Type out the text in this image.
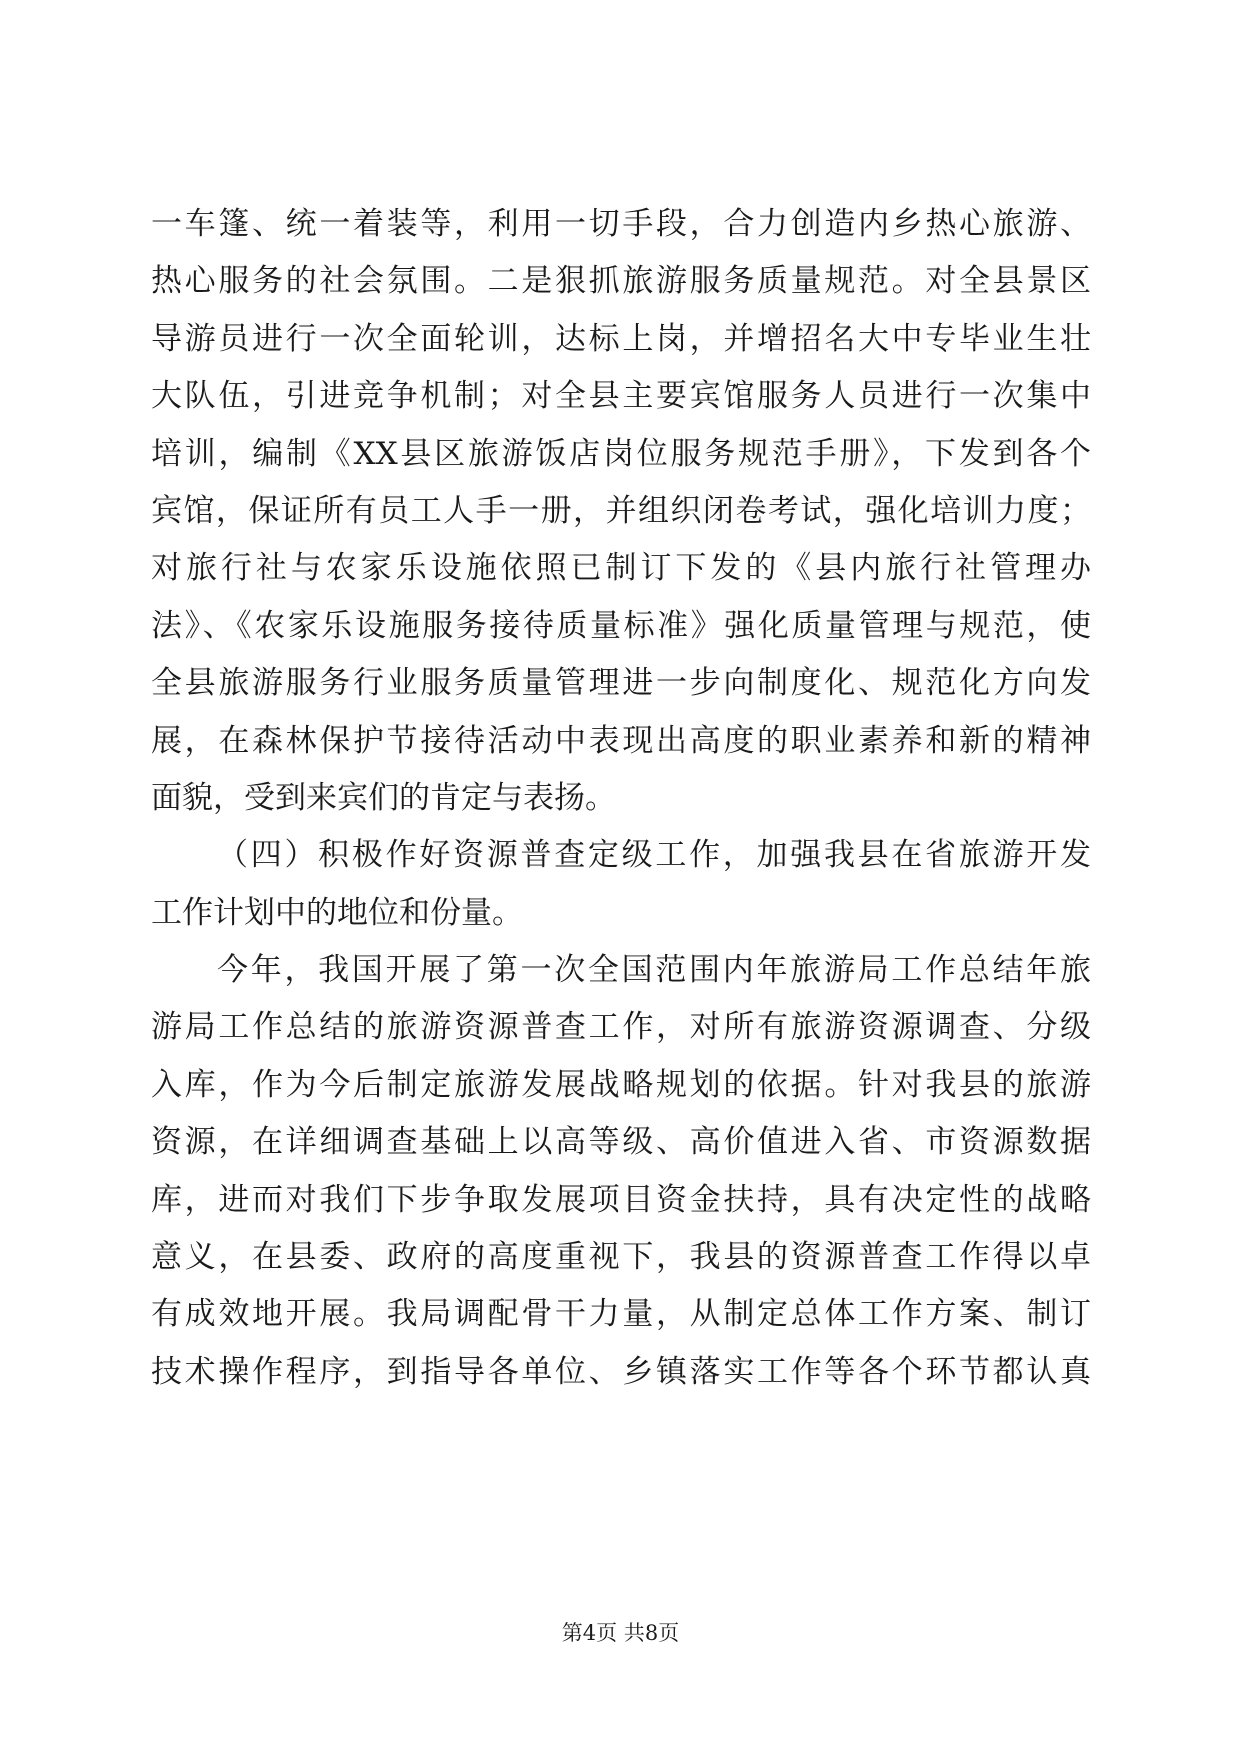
一车篷、统一着装等，利用一切手段，合力创造内乡热心旅游、
热心服务的社会氛围。二是狠抓旅游服务质量规范。对全县景区
导游员进行一次全面轮训，达标上岗，并增招名大中专毕业生壮
大队伍，引进竞争机制；对全县主要宾馆服务人员进行一次集中
培训，编制《XX县区旅游饭店岗位服务规范手册》，下发到各个
宾馆，保证所有员工人手一册，并组织闭卷考试，强化培训力度；
对旅行社与农家乐设施依照已制订下发的《县内旅行社管理办
法》、《农家乐设施服务接待质量标准》强化质量管理与规范，使
全县旅游服务行业服务质量管理进一步向制度化、规范化方向发
展，在森林保护节接待活动中表现出高度的职业素养和新的精神
面貌，受到来宾们的肯定与表扬。
（四）积极作好资源普查定级工作，加强我县在省旅游开发
工作计划中的地位和份量。
今年，我国开展了第一次全国范围内年旅游局工作总结年旅
游局工作总结的旅游资源普查工作，对所有旅游资源调查、分级
入库，作为今后制定旅游发展战略规划的依据。针对我县的旅游
资源，在详细调查基础上以高等级、高价值进入省、市资源数据
库，进而对我们下步争取发展项目资金扶持，具有决定性的战略
意义，在县委、政府的高度重视下，我县的资源普查工作得以卓
有成效地开展。我局调配骨干力量，从制定总体工作方案、制订
技术操作程序，到指导各单位、乡镇落实工作等各个环节都认真
第4页 共8页
